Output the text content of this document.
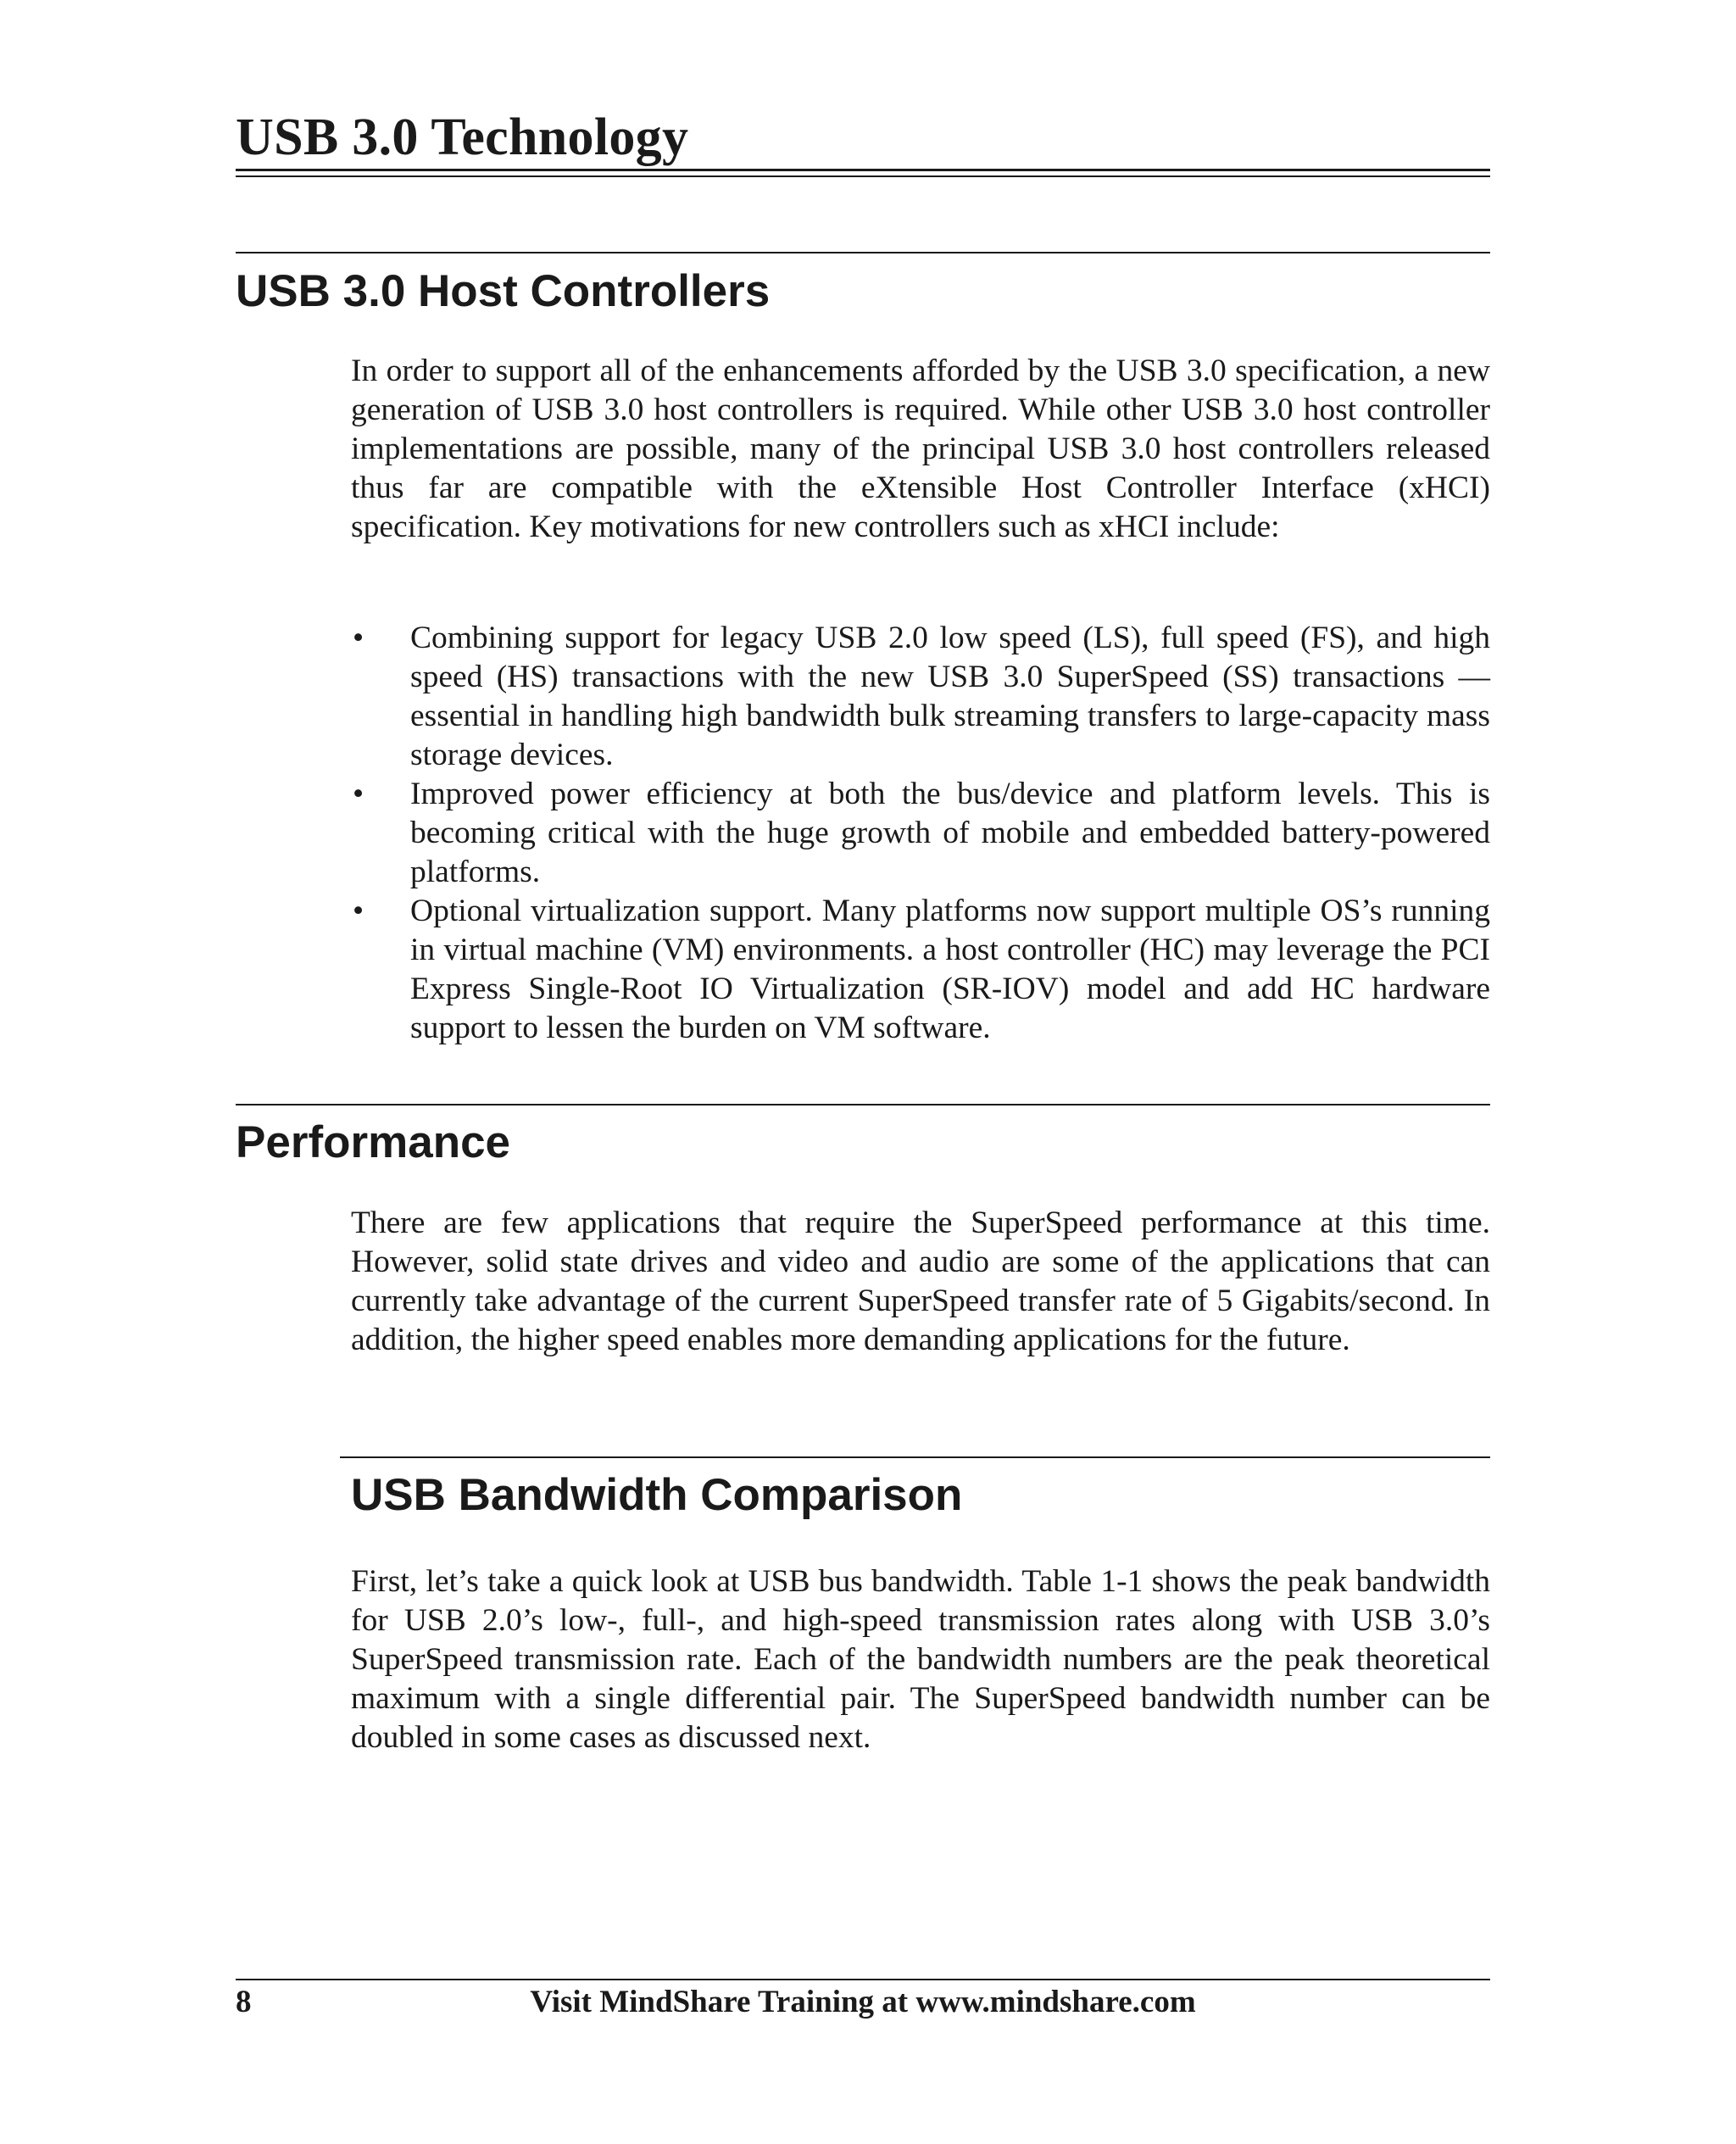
USB 3.0 Technology
USB 3.0 Host Controllers

In order to support all of the enhancements afforded by the USB 3.0 specification, a new generation of USB 3.0 host controllers is required. While other USB 3.0 host controller implementations are possible, many of the principal USB 3.0 host controllers released thus far are compatible with the eXtensible Host Controller Interface (xHCI) specification. Key motivations for new controllers such as xHCI include:

• Combining support for legacy USB 2.0 low speed (LS), full speed (FS), and high speed (HS) transactions with the new USB 3.0 SuperSpeed (SS) transactions — essential in handling high bandwidth bulk streaming transfers to large-capacity mass storage devices.
• Improved power efficiency at both the bus/device and platform levels. This is becoming critical with the huge growth of mobile and embedded battery-powered platforms.
• Optional virtualization support. Many platforms now support multiple OS’s running in virtual machine (VM) environments. a host controller (HC) may leverage the PCI Express Single-Root IO Virtualization (SR-IOV) model and add HC hardware support to lessen the burden on VM software.
Performance

There are few applications that require the SuperSpeed performance at this time. However, solid state drives and video and audio are some of the applications that can currently take advantage of the current SuperSpeed transfer rate of 5 Gigabits/second. In addition, the higher speed enables more demanding applications for the future.

USB Bandwidth Comparison

First, let’s take a quick look at USB bus bandwidth. Table 1-1 shows the peak bandwidth for USB 2.0’s low-, full-, and high-speed transmission rates along with USB 3.0’s SuperSpeed transmission rate. Each of the bandwidth numbers are the peak theoretical maximum with a single differential pair. The SuperSpeed bandwidth number can be doubled in some cases as discussed next.

8	Visit MindShare Training at www.mindshare.com
